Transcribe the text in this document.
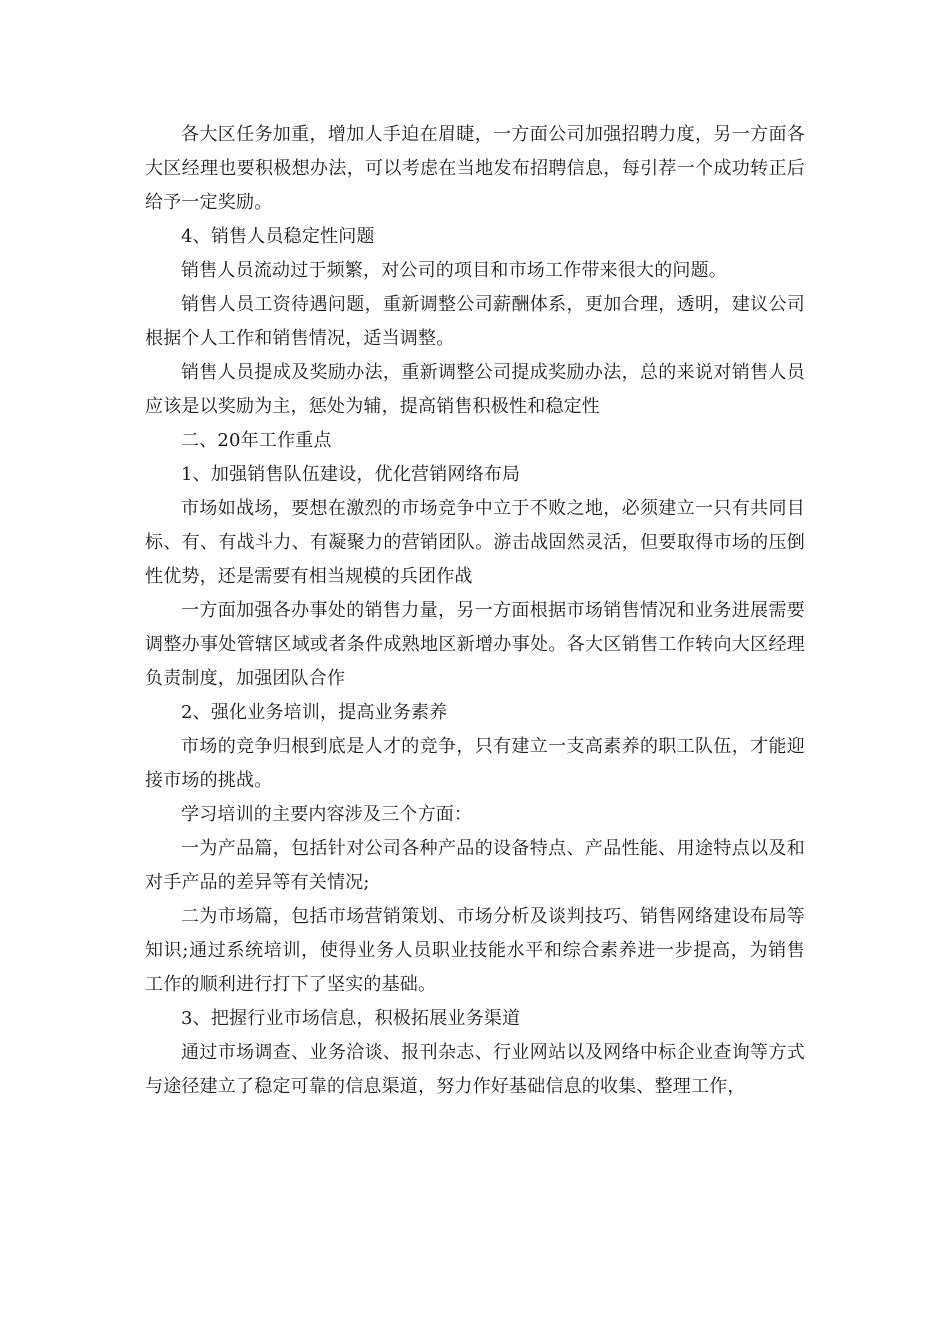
各大区任务加重，增加人手迫在眉睫，一方面公司加强招聘力度，另一方面各大区经理也要积极想办法，可以考虑在当地发布招聘信息，每引荐一个成功转正后给予一定奖励。

4、销售人员稳定性问题

销售人员流动过于频繁，对公司的项目和市场工作带来很大的问题。

销售人员工资待遇问题，重新调整公司薪酬体系，更加合理，透明，建议公司根据个人工作和销售情况，适当调整。

销售人员提成及奖励办法，重新调整公司提成奖励办法，总的来说对销售人员应该是以奖励为主，惩处为辅，提高销售积极性和稳定性

二、20年工作重点

1、加强销售队伍建设，优化营销网络布局

市场如战场，要想在激烈的市场竞争中立于不败之地，必须建立一只有共同目标、有、有战斗力、有凝聚力的营销团队。游击战固然灵活，但要取得市场的压倒性优势，还是需要有相当规模的兵团作战

一方面加强各办事处的销售力量，另一方面根据市场销售情况和业务进展需要调整办事处管辖区域或者条件成熟地区新增办事处。各大区销售工作转向大区经理负责制度，加强团队合作

2、强化业务培训，提高业务素养

市场的竞争归根到底是人才的竞争，只有建立一支高素养的职工队伍，才能迎接市场的挑战。

学习培训的主要内容涉及三个方面：

一为产品篇，包括针对公司各种产品的设备特点、产品性能、用途特点以及和对手产品的差异等有关情况;

二为市场篇，包括市场营销策划、市场分析及谈判技巧、销售网络建设布局等知识;通过系统培训，使得业务人员职业技能水平和综合素养进一步提高，为销售工作的顺利进行打下了坚实的基础。

3、把握行业市场信息，积极拓展业务渠道

通过市场调查、业务洽谈、报刊杂志、行业网站以及网络中标企业查询等方式与途径建立了稳定可靠的信息渠道，努力作好基础信息的收集、整理工作，
